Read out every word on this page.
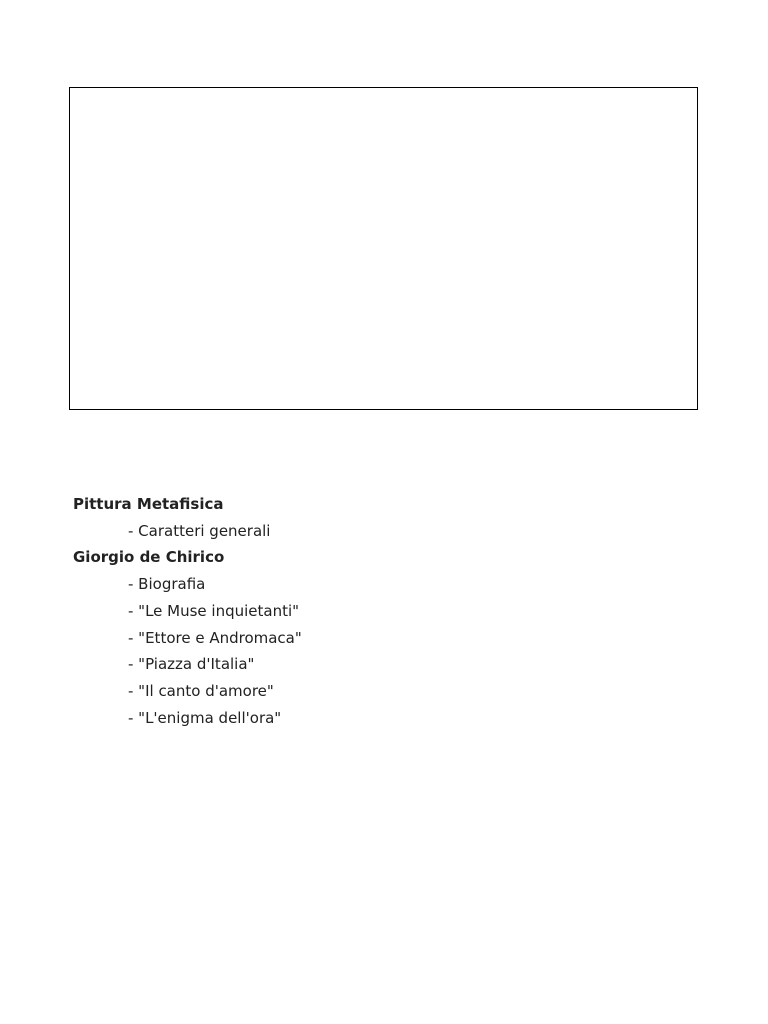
Pittura Metafisica
- Caratteri generali
Giorgio de Chirico
- Biografia
- "Le Muse inquietanti"
- "Ettore e Andromaca"
- "Piazza d'Italia"
- "Il canto d'amore"
- "L'enigma dell'ora"
